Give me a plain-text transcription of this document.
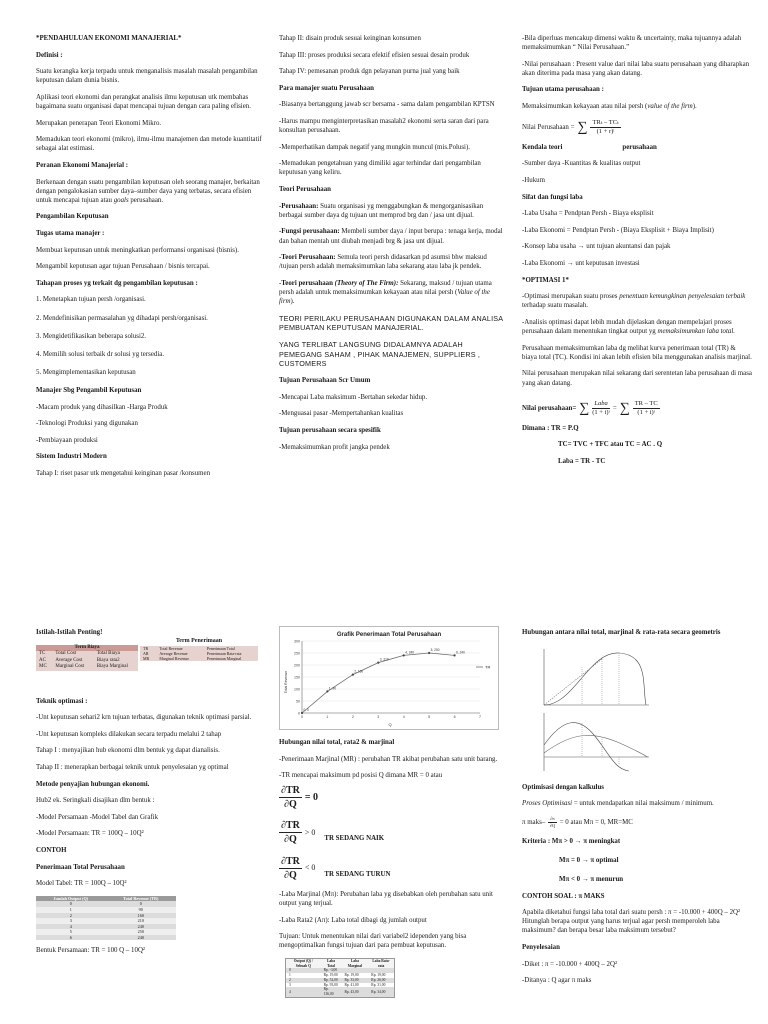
*PENDAHULUAN EKONOMI MANAJERIAL*

Definisi :

Suatu kerangka kerja terpadu untuk menganalisis masalah masalah pengambilan keputusan dalam dunia bisnis.

Aplikasi teori ekonomi dan perangkat analisis ilmu keputusan utk membahas bagaimana suatu organisasi dapat mencapai tujuan dengan cara paling efisien.

Merupakan penerapan Teori Ekonomi Mikro.

Memadukan teori ekonomi (mikro), ilmu-ilmu manajemen dan metode kuantitatif sebagai alat estimasi.

Peranan Ekonomi Manajerial :

Berkenaan dengan suatu pengambilan keputusan oleh seorang manajer, berkaitan dengan pengalokasian sumber daya–sumber daya yang terbatas, secara efisien untuk mencapai tujuan atau goals perusahaan.

Pengambilan Keputusan

Tugas utama manajer :

Membuat keputusan untuk meningkatkan performansi organisasi (bisnis).

Mengambil keputusan agar tujuan Perusahaan / bisnis tercapai.

Tahapan proses yg terkait dg pengambilan keputusan :

1. Menetapkan tujuan persh /organisasi.
2. Mendefinisikan permasalahan yg dihadapi persh/organisasi.
3. Mengidetifikasikan beberapa solusi2.
4. Memilih solusi terbaik dr solusi yg tersedia.
5. Mengimplementasikan keputusan

Manajer Sbg Pengambil Keputusan

-Macam produk yang dihasilkan -Harga Produk

-Teknologi Produksi yang digunakan

-Pembiayaan produksi

Sistem Industri Modern

Tahap I: riset pasar utk mengetahui keinginan pasar /konsumen

Tahap II: disain produk sesuai keinginan konsumen

Tahap III: proses produksi secara efektif efisien sesuai desain produk

Tahap IV: pemesanan produk dgn pelayanan purna jual yang baik

Para manajer suatu Perusahaan

-Biasanya bertanggung jawab scr bersama - sama dalam pengambilan KPTSN

-Harus mampu menginterpretasikan masalah2 ekonomi serta saran dari para konsultan perusahaan.

-Memperhatikan dampak negatif yang mungkin muncul (mis.Polusi).

-Memadukan pengetahuan yang dimiliki agar terhindar dari pengambilan keputusan yang keliru.

Teori Perusahaan

-Perusahaan: Suatu organisasi yg menggabungkan & mengorganisasikan berbagai sumber daya dg tujuan unt memprod brg dan / jasa unt dijual.

-Fungsi perusahaan: Membeli sumber daya / input berupa : tenaga kerja, modal dan bahan mentah unt diubah menjadi brg & jasa unt dijual.

-Teori Perusahaan: Semula teori persh didasarkan pd asumsi bhw maksud /tujuan persh adalah memaksimumkan laba sekarang atau laba jk pendek.

-Teori perusahaan (Theory of The Firm): Sekarang, maksud / tujuan utama persh adalah untuk memaksimumkan kekayaan atau nilai persh (Value of the firm).

TEORI PERILAKU PERUSAHAAN DIGUNAKAN DALAM ANALISA PEMBUATAN KEPUTUSAN MANAJERIAL.

YANG TERLIBAT LANGSUNG DIDALAMNYA ADALAH PEMEGANG SAHAM , PIHAK MANAJEMEN, SUPPLIERS , CUSTOMERS

Tujuan Perusahaan Scr Umum

-Mencapai Laba maksimum -Bertahan sekedar hidup.

-Menguasai pasar -Mempertahankan kualitas

Tujuan perusahaan secara spesifik

-Memaksimumkan profit jangka pendek

-Bila diperluas mencakup dimensi waktu & uncertainty, maka tujuannya adalah memaksimumkan “ Nilai Perusahaan.”

-Nilai perusahaan : Present value dari nilai laba suatu perusahaan yang diharapkan akan diterima pada masa yang akan datang.

Tujuan utama perusahaan :

Memaksimumkan kekayaan atau nilai persh (value of the firm).

Nilai Perusahaan = ∑ $\frac{\text{TRₜ – TCₜ}}{\text{(1 + r)ᵗ}}$

Kendala teori	perusahaan

-Sumber daya -Kuantitas & kualitas output

-Hukum

Sifat dan fungsi laba

-Laba Usaha = Pendptan Persh - Biaya eksplisit

-Laba Ekonomi = Pendptan Persh - (Biaya Eksplisit + Biaya Implisit)

-Konsep laba usaha → unt tujuan akuntansi dan pajak

-Laba Ekonomi → unt keputusan investasi

*OPTIMASI 1*

-Optimasi merupakan suatu proses penentuan kemungkinan penyelesaian terbaik terhadap suatu masalah.

-Analisis optimasi dapat lebih mudah dijelaskan dengan mempelajari proses perusahaan dalam menentukan tingkat output yg memaksimumkan laba total.

Perusahaan memaksimumkan laba dg melihat kurva penerimaan total (TR) & biaya total (TC). Kondisi ini akan lebih efisien bila menggunakan analisis marjinal.

Nilai perusahaan merupakan nilai sekarang dari serentetan laba perusahaan di masa yang akan datang.

Nilai perusahaan= ∑ $\frac{\text{Laba}}{\text{(1 + i)ᵗ}}$ = ∑ $\frac{TR - TC}{\text{(1 + i)ᵗ}}$

Dimana : TR = P.Q

TC= TVC + TFC atau TC = AC . Q

Laba = TR - TC

Istilah-Istilah Penting!

Term Biaya		
TC	Total Cost	Total Biaya
AC	Average Cost	Biaya rata2
MC	Marginal Cost	Biaya Marginal
Term Penerimaan		
TR	Total Revenue	Penerimaan Total
AR	Average Revenue	Penerimaan Rata-rata
MR	Marginal Revenue	Penerimaan Marginal

Teknik optimasi :

-Unt keputusan sehari2 krn tujuan terbatas, digunakan teknik optimasi parsial.

-Unt keputusan kompleks dilakukan secara terpadu melalui 2 tahap

Tahap I : menyajikan hub ekonomi dlm bentuk yg dapat dianalisis.

Tahap II : menerapkan berbagai teknik untuk penyelesaian yg optimal

Metode penyajian hubungan ekonomi.

Hub2 ek. Seringkali disajikan dlm bentuk :

-Model Persamaan -Model Tabel dan Grafik

-Model Persamaan: TR = 100Q – 10Q²

CONTOH

Penerimaan Total Perusahaan

Model Tabel: TR = 100Q – 10Q²

Jumlah Output (Q)	Total Revenue (TR)
0	0
1	90
2	160
3	210
4	240
5	250
6	240

Bentuk Persamaan: TR = 100 Q – 10Q²

Grafik Penerimaan Total Perusahaan
Total Revenue
Q
0
50
100
150
200
250
300
0	1	2	3	4	5	6	7
0, 0
1, 90
2, 160
3, 210
4, 240
5, 250
6, 240
TR

Hubungan nilai total, rata2 & marjinal

-Penerimaan Marjinal (MR) : perubahan TR akibat perubahan satu unit barang.

-TR mencapai maksimum pd posisi Q dimana MR = 0 atau

$\frac{\partial TR}{\partial Q} = 0$
$\frac{\partial TR}{\partial Q} > 0$
TR SEDANG NAIK
$\frac{\partial TR}{\partial Q} < 0$
TR SEDANG TURUN

-Laba Marjinal (Mπ): Perubahan laba yg disebabkan oleh perubahan satu unit output yang terjual.

-Laba Rata2 (Aπ): Laba total dibagi dg jumlah output

Tujuan: Untuk menentukan nilai dari variabel2 idependen yang bisa mengoptimalkan fungsi tujuan dari para pembuat keputusan.

Output (Q) / Sebuah Q	Laba Total	Laba Marginal	Laba Rata-rata
0	Rp. -3,00		
1	Rp. 19,00	Rp. 19,00	Rp. 19,00
2	Rp. 52,00	Rp. 33,00	Rp. 26,00
3	Rp. 93,00	Rp. 41,00	Rp. 31,00
4	Rp. 136,00	Rp. 43,00	Rp. 34,00

Hubungan antara nilai total, marjinal & rata-rata secara geometris

Optimisasi dengan kalkulus

Proses Optimisasi = untuk mendapatkan nilai maksimum / minimum.

π maks– $\frac{\partial\pi}{\partial Q} = 0$ atau Mπ = 0, MR=MC

Kriteria : Mπ > 0 → π meningkat

Mπ = 0 → π optimal

Mπ < 0 → π menurun

CONTOH SOAL : π MAKS

Apabila diketahui fungsi laba total dari suatu persh : π = -10.000 + 400Q – 2Q² Hitunglah berapa output yang harus terjual agar persh memperoleh laba maksimum? dan berapa besar laba maksimum tersebut?

Penyelesaian

-Diket : π = -10.000 + 400Q – 2Q²

-Ditanya : Q agar π maks
